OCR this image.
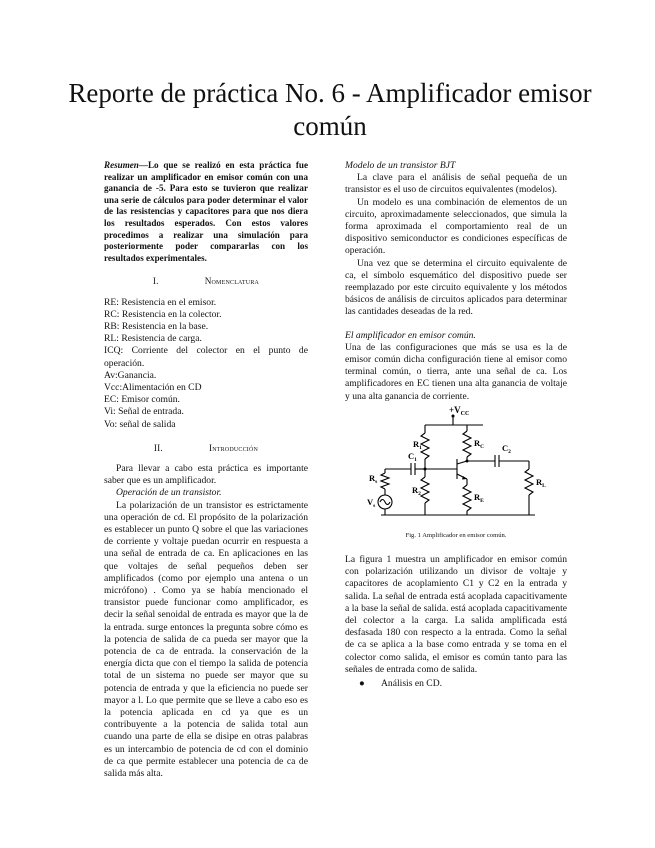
Reporte de práctica No. 6 - Amplificador emisor común

Resumen—Lo que se realizó en esta práctica fue realizar un amplificador en emisor común con una ganancia de -5. Para esto se tuvieron que realizar una serie de cálculos para poder determinar el valor de las resistencias y capacitores para que nos diera los resultados esperados. Con estos valores procedimos a realizar una simulación para posteriormente poder compararlas con los resultados experimentales.

I.	Nomenclatura

RE: Resistencia en el emisor.

RC: Resistencia en la colector.

RB: Resistencia en la base.

RL: Resistencia de carga.

ICQ: Corriente del colector en el punto de operación.

Av:Ganancia.

Vcc:Alimentación en CD

EC: Emisor común.

Vi: Señal de entrada.

Vo: señal de salida

II.	Introducción

Para llevar a cabo esta práctica es importante saber que es un amplificador.

Operación de un transistor.

La polarización de un transistor es estrictamente una operación de cd. El propósito de la polarización es establecer un punto Q sobre el que las variaciones de corriente y voltaje puedan ocurrir en respuesta a una señal de entrada de ca. En aplicaciones en las que voltajes de señal pequeños deben ser amplificados (como por ejemplo una antena o un micrófono) . Como ya se había mencionado el transistor puede funcionar como amplificador, es decir la señal senoidal de entrada es mayor que la de la entrada. surge entonces la pregunta sobre cómo es la potencia de salida de ca pueda ser mayor que la potencia de ca de entrada. la conservación de la energía dicta que con el tiempo la salida de potencia total de un sistema no puede ser mayor que su potencia de entrada y que la eficiencia no puede ser mayor a l. Lo que permite que se lleve a cabo eso es la potencia aplicada en cd ya que es un contribuyente a la potencia de salida total aun cuando una parte de ella se disipe en otras palabras es un intercambio de potencia de cd con el dominio de ca que permite establecer una potencia de ca de salida más alta.

Modelo de un transistor BJT

La clave para el análisis de señal pequeña de un transistor es el uso de circuitos equivalentes (modelos).

Un modelo es una combinación de elementos de un circuito, aproximadamente seleccionados, que simula la forma aproximada el comportamiento real de un dispositivo semiconductor es condiciones específicas de operación.

Una vez que se determina el circuito equivalente de ca, el símbolo esquemático del dispositivo puede ser reemplazado por este circuito equivalente y los métodos básicos de análisis de circuitos aplicados para determinar las cantidades deseadas de la red.

El amplificador en emisor común.

Una de las configuraciones que más se usa es la de emisor común dicha configuración tiene al emisor como terminal común, o tierra, ante una señal de ca. Los amplificadores en EC tienen una alta ganancia de voltaje y una alta ganancia de corriente.

$+V_{CC}$
$R_1$
$R_2$
$R_C$
$R_E$
$R_s$	$R_L$
$C_1$
$C_2$
$V_s$
Fig. 1 Amplificador en emisor común.

La figura 1 muestra un amplificador en emisor común con polarización utilizando un divisor de voltaje y capacitores de acoplamiento C1 y C2 en la entrada y salida. La señal de entrada está acoplada capacitivamente a la base la señal de salida. está acoplada capacitivamente del colector a la carga. La salida amplificada está desfasada 180 con respecto a la entrada. Como la señal de ca se aplica a la base como entrada y se toma en el colector como salida, el emisor es común tanto para las señales de entrada como de salida.

● Análisis en CD.
